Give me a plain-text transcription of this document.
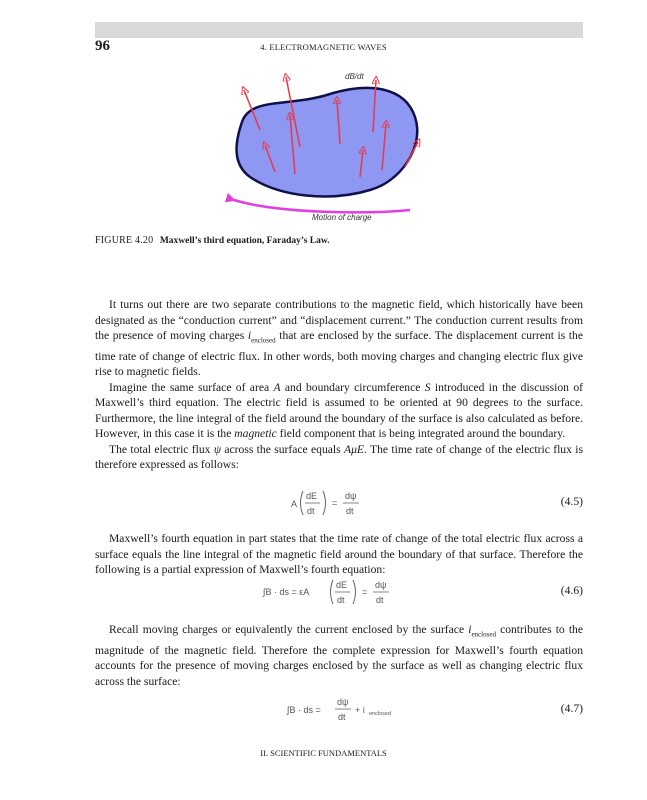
96	4. ELECTROMAGNETIC WAVES
dB/dt
Motion of charge
FIGURE 4.20 Maxwell’s third equation, Faraday’s Law.

It turns out there are two separate contributions to the magnetic field, which historically have been designated as the “conduction current” and “displacement current.” The conduction current results from the presence of moving charges $i_{enclosed}$ that are enclosed by the surface. The displacement current is the time rate of change of electric flux. In other words, both moving charges and changing electric flux give rise to magnetic fields.

Imagine the same surface of area A and boundary circumference S introduced in the discussion of Maxwell’s third equation. The electric field is assumed to be oriented at 90 degrees to the surface. Furthermore, the line integral of the field around the boundary of the surface is also calculated as before. However, in this case it is the magnetic field component that is being integrated around the boundary.

The total electric flux ψ across the surface equals AμE. The time rate of change of the electric flux is therefore expressed as follows:

A
dE
dt
=
dψ
dt
(4.5)

Maxwell’s fourth equation in part states that the time rate of change of the total electric flux across a surface equals the line integral of the magnetic field around the boundary of that surface. Therefore the following is a partial expression of Maxwell’s fourth equation:

∫B · ds = εA
dE
dt
=
dψ
dt
(4.6)

Recall moving charges or equivalently the current enclosed by the surface $i_{enclosed}$ contributes to the magnitude of the magnetic field. Therefore the complete expression for Maxwell’s fourth equation accounts for the presence of moving charges enclosed by the surface as well as changing electric flux across the surface:

∫B · ds =
dψ
dt
+ i enclosed	(4.7)
II. SCIENTIFIC FUNDAMENTALS
